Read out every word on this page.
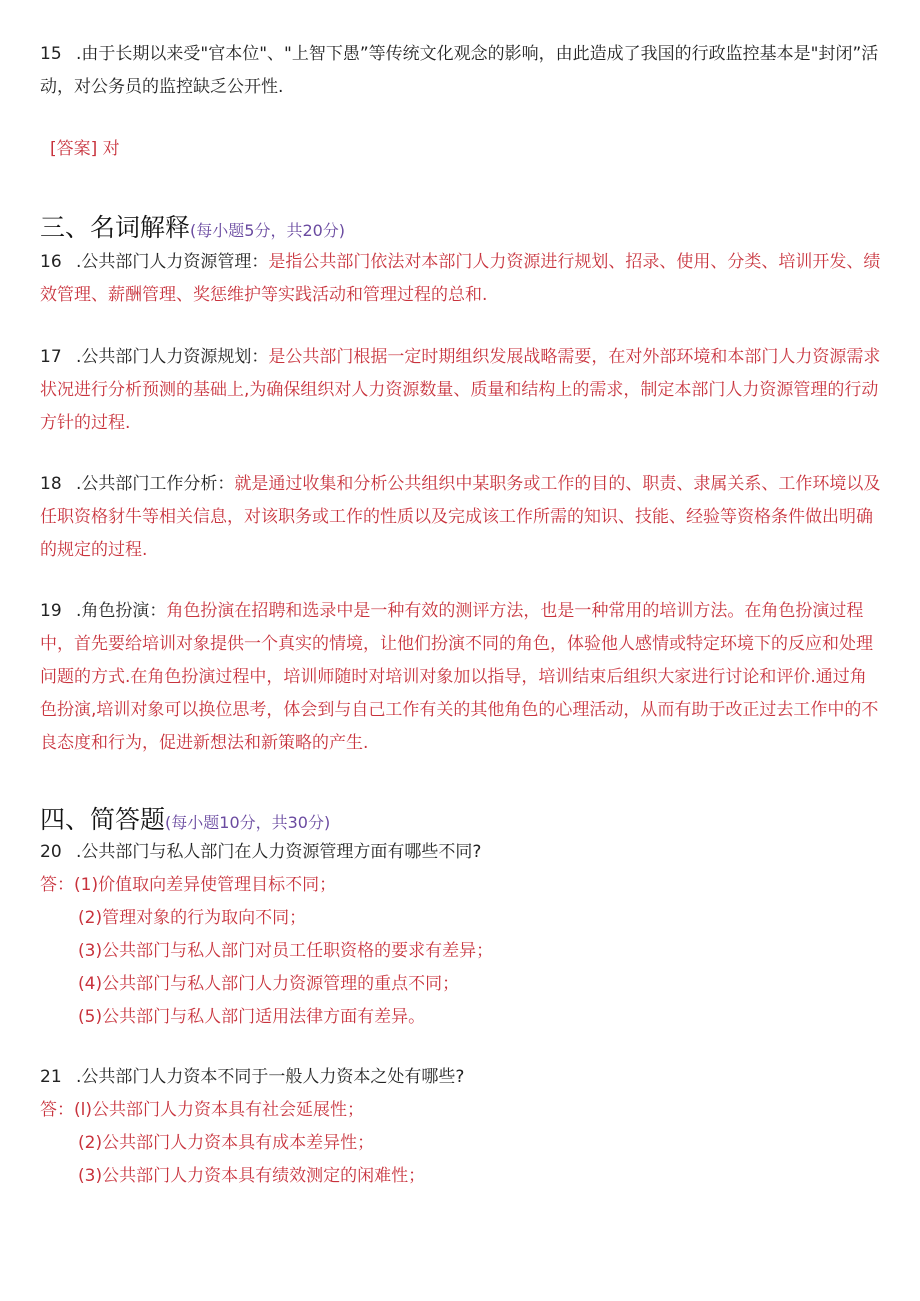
15 .由于长期以来受"官本位"、"上智下愚”等传统文化观念的影响，由此造成了我国的行政监控基本是"封闭”活动，对公务员的监控缺乏公开性.
[答案] 对
三、名词解释(每小题5分，共20分)
16 .公共部门人力资源管理：是指公共部门依法对本部门人力资源进行规划、招录、使用、分类、培训开发、绩效管理、薪酬管理、奖惩维护等实践活动和管理过程的总和.
17 .公共部门人力资源规划：是公共部门根据一定时期组织发展战略需要，在对外部环境和本部门人力资源需求状况进行分析预测的基础上,为确保组织对人力资源数量、质量和结构上的需求，制定本部门人力资源管理的行动方针的过程.
18 .公共部门工作分析：就是通过收集和分析公共组织中某职务或工作的目的、职责、隶属关系、工作环境以及任职资格豺牛等相关信息，对该职务或工作的性质以及完成该工作所需的知识、技能、经验等资格条件做出明确的规定的过程.
19 .角色扮演：角色扮演在招聘和选录中是一种有效的测评方法，也是一种常用的培训方法。在角色扮演过程中，首先要给培训对象提供一个真实的情境，让他们扮演不同的角色，体验他人感情或特定环境下的反应和处理问题的方式.在角色扮演过程中，培训师随时对培训对象加以指导，培训结束后组织大家进行讨论和评价.通过角色扮演,培训对象可以换位思考，体会到与自己工作有关的其他角色的心理活动，从而有助于改正过去工作中的不良态度和行为，促进新想法和新策略的产生.
四、简答题(每小题10分，共30分)
20 .公共部门与私人部门在人力资源管理方面有哪些不同?
答：(1)价值取向差异使管理目标不同；
(2)管理对象的行为取向不同；
(3)公共部门与私人部门对员工任职资格的要求有差异；
(4)公共部门与私人部门人力资源管理的重点不同；
(5)公共部门与私人部门适用法律方面有差异。
21 .公共部门人力资本不同于一般人力资本之处有哪些?
答：(l)公共部门人力资本具有社会延展性；
(2)公共部门人力资本具有成本差异性；
(3)公共部门人力资本具有绩效测定的闲难性；
